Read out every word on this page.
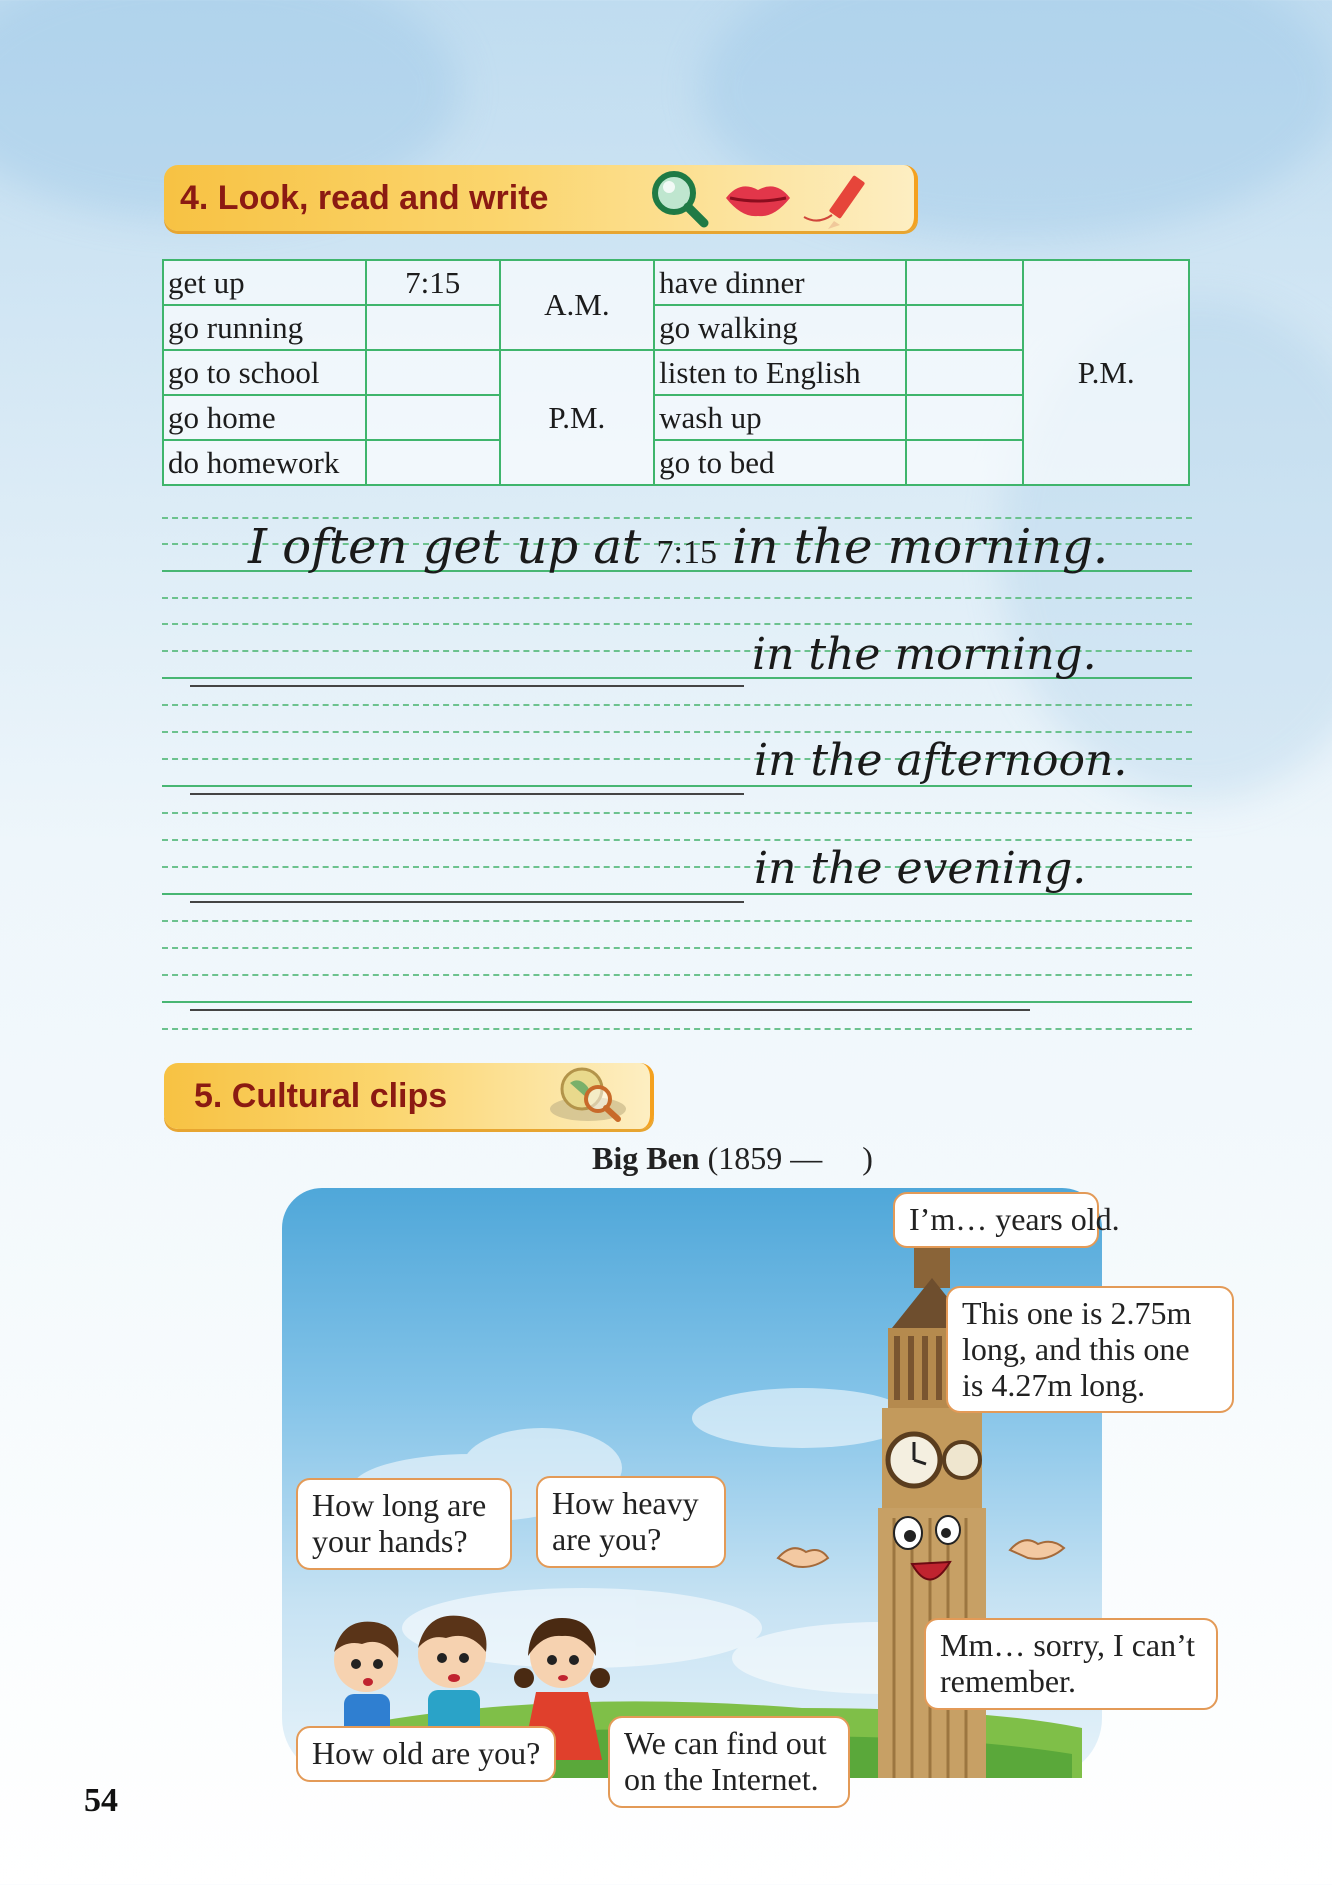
4. Look, read and write
get up	7:15	A.M.	have dinner		P.M.
go running			go walking		
go to school		P.M.	listen to English		
go home			wash up		
do homework			go to bed		
I often get up at 7:15 in the morning.
in the morning.
in the afternoon.
in the evening.
5. Cultural clips
Big Ben (1859 —     )
I’m… years old.
This one is 2.75m long, and this one is 4.27m long.
How long are your hands?
How heavy are you?
Mm… sorry, I can’t remember.
How old are you?	We can find out on the Internet.
54
